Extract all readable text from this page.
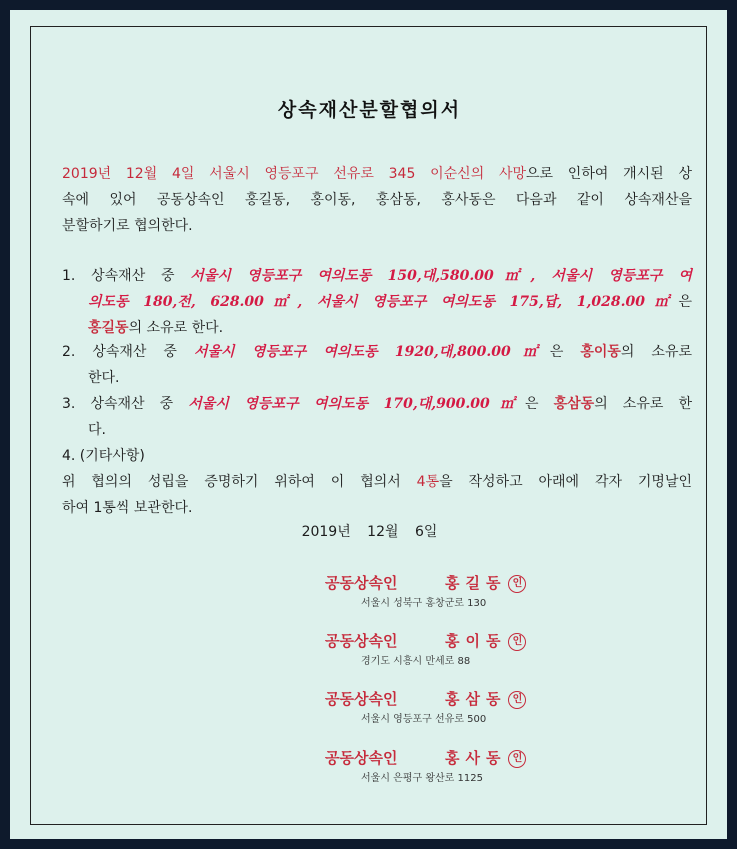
상속재산분할협의서
2019년 12월 4일 서울시 영등포구 선유로 345 이순신의 사망으로 인하여 개시된 상
속에 있어 공동상속인 홍길동, 홍이동, 홍삼동, 홍사동은 다음과 같이 상속재산을
분할하기로 협의한다.
1. 상속재산 중 서울시 영등포구 여의도동 150,대,580.00㎡, 서울시 영등포구 여
의도동 180,전, 628.00㎡, 서울시 영등포구 여의도동 175,답, 1,028.00㎡은
홍길동의 소유로 한다.
2. 상속재산 중 서울시 영등포구 여의도동 1920,대,800.00㎡은 홍이동의 소유로
한다.
3. 상속재산 중 서울시 영등포구 여의도동 170,대,900.00㎡은 홍삼동의 소유로 한
다.
4. (기타사항)
위 협의의 성립을 증명하기 위하여 이 협의서 4통을 작성하고 아래에 각자 기명날인
하여 1통씩 보관한다.
2019년 12월 6일
공동상속인	홍길동 인
서울시 성북구 홍창군로 130
공동상속인	홍이동 인
경기도 시흥시 만세로 88
공동상속인	홍삼동 인
서울시 영등포구 선유로 500
공동상속인	홍사동 인
서울시 은평구 왕산로 1125
